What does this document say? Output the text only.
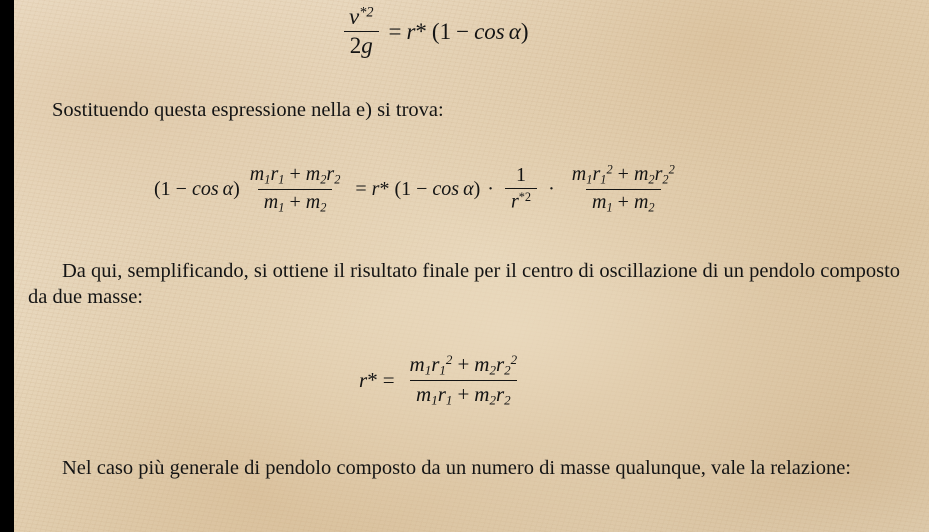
$\frac{v^{*2}}{2g} = r * (1 - \cos \alpha$ )

Sostituendo questa espressione nella e) si trova:

(1 − cos α ) $\frac{m_1r_1 + m_2r_2}{m_1 + m_2} = r * (1 - \cos \alpha$ ) · $\frac{1}{r^{*2}} \cdot \frac{m_1r_1^2 + m_2r_2^2}{m_1 + m_2}$

Da qui, semplificando, si ottiene il risultato finale per il centro di oscillazione di un pendolo composto da due masse:

r * = $\frac{m_1r_1^2 + m_2r_2^2}{m_1r_1 + m_2r_2}$

Nel caso più generale di pendolo composto da un numero di masse qualunque, vale la relazione:
